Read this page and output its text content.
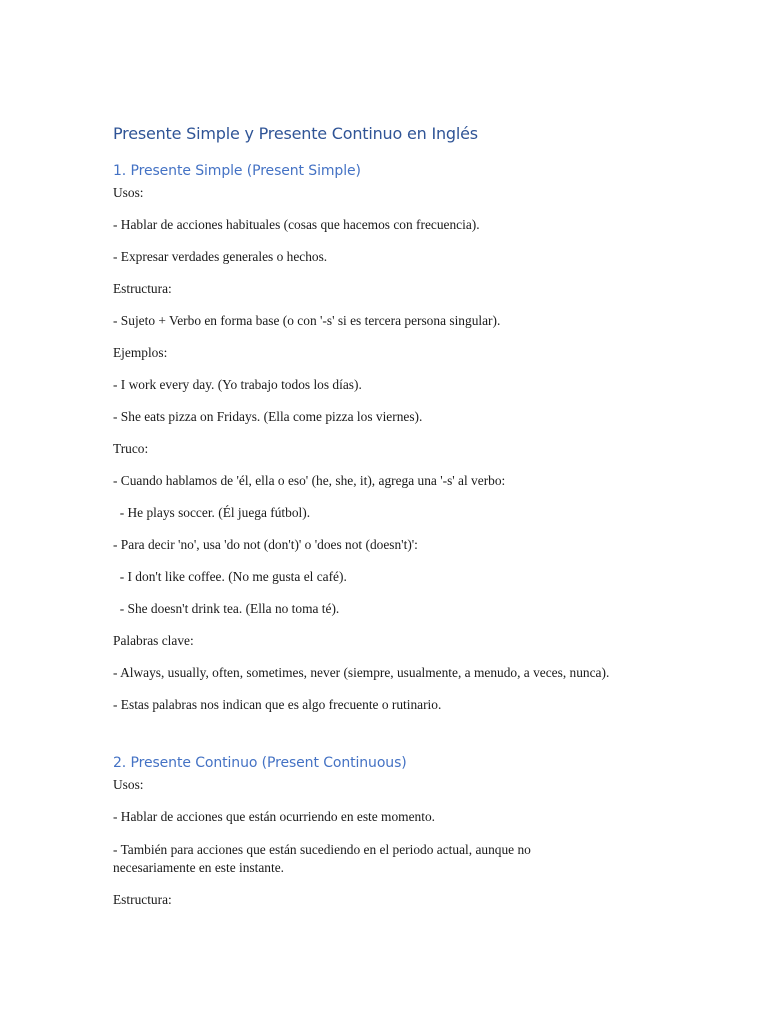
Presente Simple y Presente Continuo en Inglés
1. Presente Simple (Present Simple)

Usos:

- Hablar de acciones habituales (cosas que hacemos con frecuencia).

- Expresar verdades generales o hechos.

Estructura:

- Sujeto + Verbo en forma base (o con '-s' si es tercera persona singular).

Ejemplos:

- I work every day. (Yo trabajo todos los días).

- She eats pizza on Fridays. (Ella come pizza los viernes).

Truco:

- Cuando hablamos de 'él, ella o eso' (he, she, it), agrega una '-s' al verbo:

- He plays soccer. (Él juega fútbol).

- Para decir 'no', usa 'do not (don't)' o 'does not (doesn't)':

- I don't like coffee. (No me gusta el café).

- She doesn't drink tea. (Ella no toma té).

Palabras clave:

- Always, usually, often, sometimes, never (siempre, usualmente, a menudo, a veces, nunca).

- Estas palabras nos indican que es algo frecuente o rutinario.

2. Presente Continuo (Present Continuous)

Usos:

- Hablar de acciones que están ocurriendo en este momento.

- También para acciones que están sucediendo en el periodo actual, aunque no

necesariamente en este instante.

Estructura:
